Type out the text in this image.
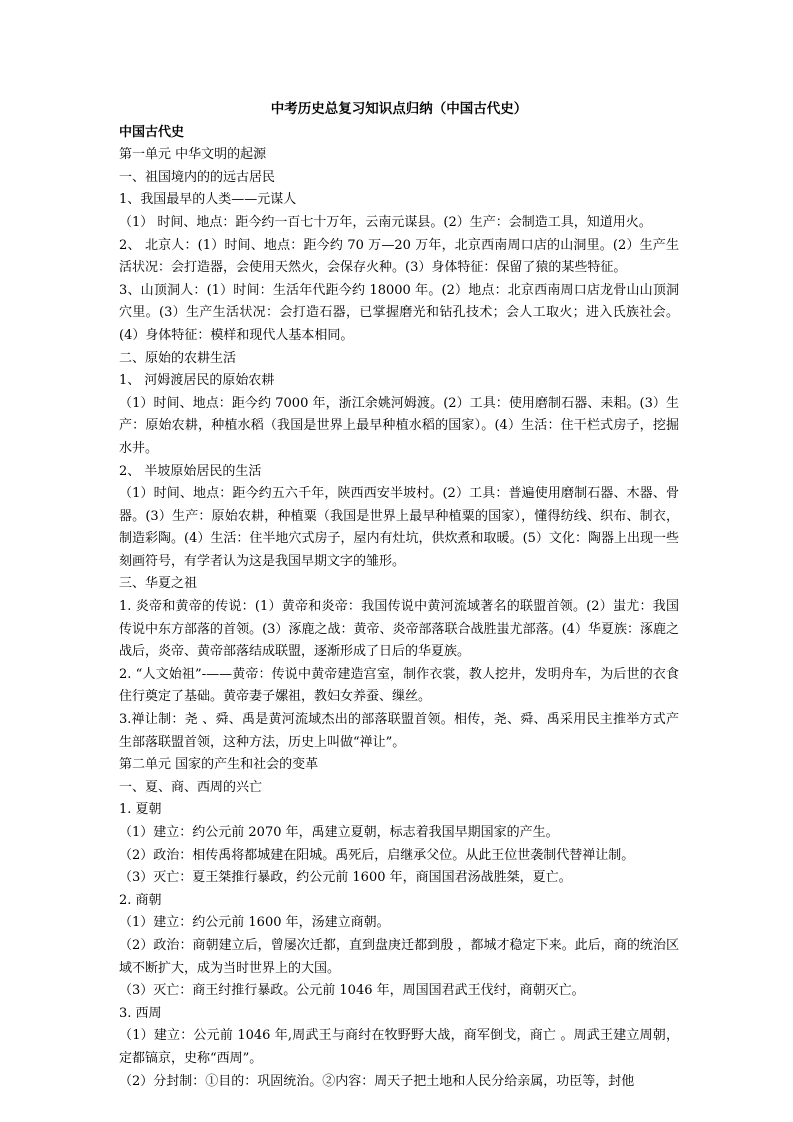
中考历史总复习知识点归纳（中国古代史）

中国古代史

第一单元 中华文明的起源

一、祖国境内的的远古居民

1、我国最早的人类——元谋人

（1） 时间、地点：距今约一百七十万年，云南元谋县。(2）生产：会制造工具，知道用火。

2、 北京人：(1）时间、地点：距今约 70 万—20 万年，北京西南周口店的山洞里。(2）生产生活状况：会打造器，会使用天然火，会保存火种。(3）身体特征：保留了猿的某些特征。

3、山顶洞人：(1）时间：生活年代距今约 18000 年。(2）地点：北京西南周口店龙骨山山顶洞穴里。(3）生产生活状况：会打造石器，已掌握磨光和钻孔技术；会人工取火；进入氏族社会。(4）身体特征：模样和现代人基本相同。

二、原始的农耕生活

1、 河姆渡居民的原始农耕

（1）时间、地点：距今约 7000 年，浙江余姚河姆渡。(2）工具：使用磨制石器、耒耜。(3）生产：原始农耕，种植水稻（我国是世界上最早种植水稻的国家）。(4）生活：住干栏式房子，挖掘水井。

2、 半坡原始居民的生活

（1）时间、地点：距今约五六千年，陕西西安半坡村。(2）工具：普遍使用磨制石器、木器、骨器。(3）生产：原始农耕，种植粟（我国是世界上最早种植粟的国家），懂得纺线、织布、制衣，制造彩陶。(4）生活：住半地穴式房子，屋内有灶坑，供炊煮和取暖。(5）文化：陶器上出现一些刻画符号，有学者认为这是我国早期文字的雏形。

三、华夏之祖

1. 炎帝和黄帝的传说：(1）黄帝和炎帝：我国传说中黄河流域著名的联盟首领。(2）蚩尤：我国传说中东方部落的首领。(3）涿鹿之战：黄帝、炎帝部落联合战胜蚩尤部落。(4）华夏族：涿鹿之战后，炎帝、黄帝部落结成联盟，逐渐形成了日后的华夏族。

2. “人文始祖”-——黄帝：传说中黄帝建造宫室，制作衣裳，教人挖井，发明舟车，为后世的衣食住行奠定了基础。黄帝妻子嫘祖，教妇女养蚕、缫丝。

3.禅让制：尧 、舜、禹是黄河流域杰出的部落联盟首领。相传，尧、舜、禹采用民主推举方式产生部落联盟首领，这种方法，历史上叫做“禅让”。

第二单元 国家的产生和社会的变革

一、夏、商、西周的兴亡

1. 夏朝

（1）建立：约公元前 2070 年，禹建立夏朝，标志着我国早期国家的产生。

（2）政治：相传禹将都城建在阳城。禹死后，启继承父位。从此王位世袭制代替禅让制。

（3）灭亡：夏王桀推行暴政，约公元前 1600 年，商国国君汤战胜桀，夏亡。

2. 商朝

（1）建立：约公元前 1600 年，汤建立商朝。

（2）政治：商朝建立后，曾屡次迁都，直到盘庚迁都到殷 ，都城才稳定下来。此后，商的统治区域不断扩大，成为当时世界上的大国。

（3）灭亡：商王纣推行暴政。公元前 1046 年，周国国君武王伐纣，商朝灭亡。

3. 西周

（1）建立：公元前 1046 年,周武王与商纣在牧野野大战，商军倒戈，商亡 。周武王建立周朝，定都镐京，史称“西周”。

（2）分封制：①目的：巩固统治。②内容：周天子把土地和人民分给亲属，功臣等，封他
